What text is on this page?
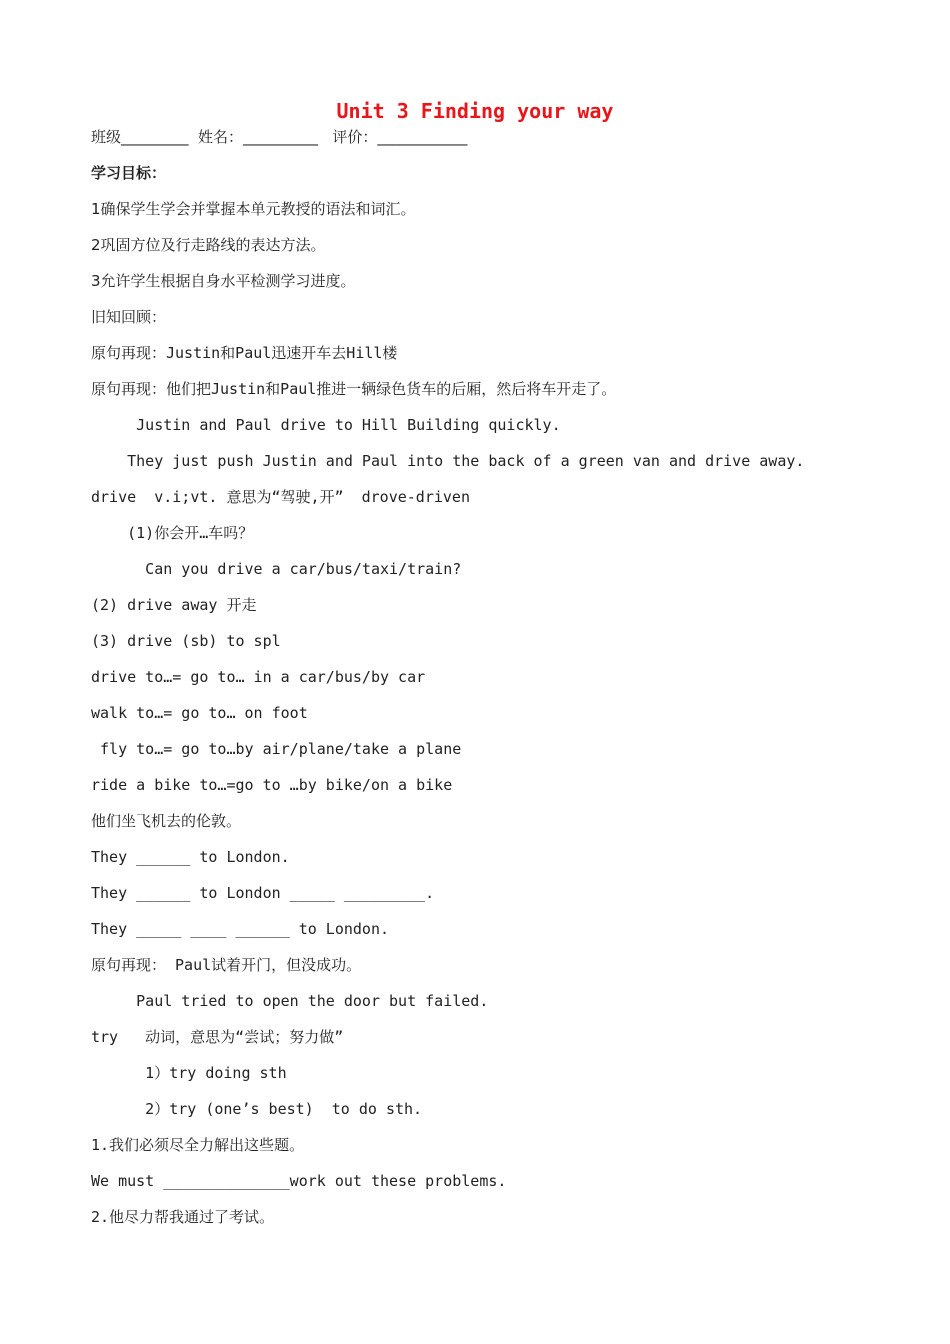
Unit 3 Finding your way
班级_________  姓名：__________   评价：____________
学习目标：
1确保学生学会并掌握本单元教授的语法和词汇。
2巩固方位及行走路线的表达方法。
3允许学生根据自身水平检测学习进度。
旧知回顾：
原句再现：Justin和Paul迅速开车去Hill楼
原句再现：他们把Justin和Paul推进一辆绿色货车的后厢，然后将车开走了。
Justin and Paul drive to Hill Building quickly.
They just push Justin and Paul into the back of a green van and drive away.
drive  v.i;vt. 意思为“驾驶,开”  drove-driven
(1)你会开…车吗？
Can you drive a car/bus/taxi/train?
(2) drive away 开走
(3) drive (sb) to spl
drive to…= go to… in a car/bus/by car
walk to…= go to… on foot
fly to…= go to…by air/plane/take a plane
ride a bike to…=go to …by bike/on a bike
他们坐飞机去的伦敦。
They ______ to London.
They ______ to London _____ _________.
They _____ ____ ______ to London.
原句再现： Paul试着开门，但没成功。
Paul tried to open the door but failed.
try   动词，意思为“尝试；努力做”
1）try doing sth
2）try (one’s best)  to do sth.
1.我们必须尽全力解出这些题。
We must ______________work out these problems.
2.他尽力帮我通过了考试。
